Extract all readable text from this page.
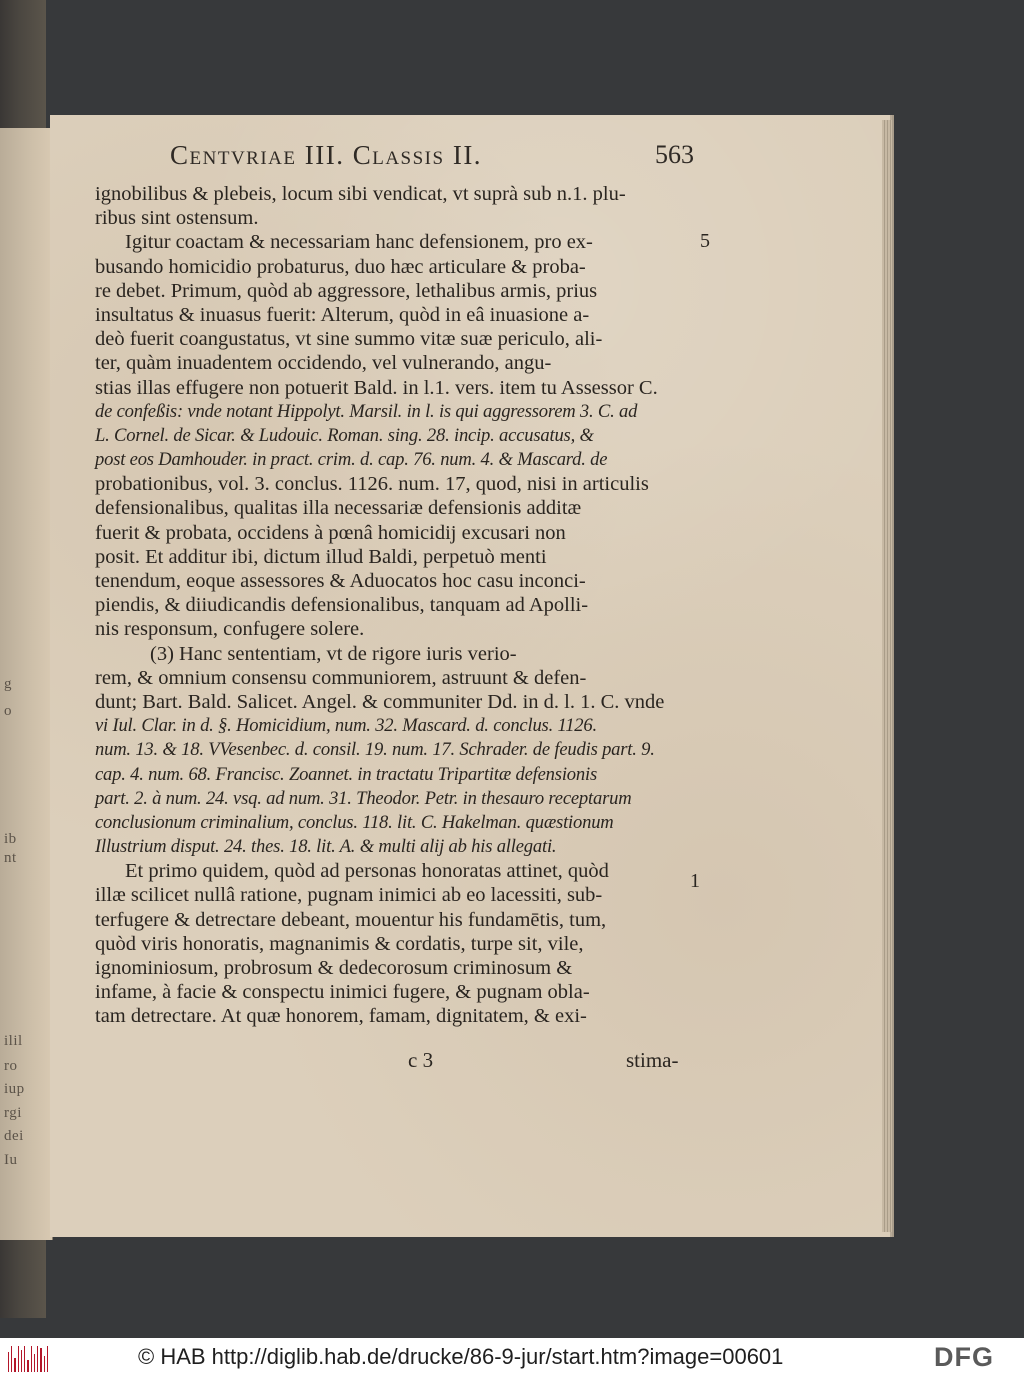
g
o
ib
nt
ilil
ro
iup
rgi
dei
Iu
Centvriae III. Classis II.	563
5
1
ignobilibus & plebeis, locum sibi vendicat, vt suprà sub n.1. plu-
ribus sint ostensum.
Igitur coactam & necessariam hanc defensionem, pro ex-
busando homicidio probaturus, duo hæc articulare & proba-
re debet. Primum, quòd ab aggressore, lethalibus armis, prius
insultatus & inuasus fuerit: Alterum, quòd in eâ inuasione a-
deò fuerit coangustatus, vt sine summo vitæ suæ periculo, ali-
ter, quàm inuadentem occidendo, vel vulnerando, angu-
stias illas effugere non potuerit Bald. in l.1. vers. item tu Assessor C.
de confeßis: vnde notant Hippolyt. Marsil. in l. is qui aggressorem 3. C. ad
L. Cornel. de Sicar. & Ludouic. Roman. sing. 28. incip. accusatus, &
post eos Damhouder. in pract. crim. d. cap. 76. num. 4. & Mascard. de
probationibus, vol. 3. conclus. 1126. num. 17, quod, nisi in articulis
defensionalibus, qualitas illa necessariæ defensionis additæ
fuerit & probata, occidens à pœnâ homicidij excusari non
posit. Et additur ibi, dictum illud Baldi, perpetuò menti
tenendum, eoque assessores & Aduocatos hoc casu inconci-
piendis, & diiudicandis defensionalibus, tanquam ad Apolli-
nis responsum, confugere solere.
(3) Hanc sententiam, vt de rigore iuris verio-
rem, & omnium consensu communiorem, astruunt & defen-
dunt; Bart. Bald. Salicet. Angel. & communiter Dd. in d. l. 1. C. vnde
vi Iul. Clar. in d. §. Homicidium, num. 32. Mascard. d. conclus. 1126.
num. 13. & 18. VVesenbec. d. consil. 19. num. 17. Schrader. de feudis part. 9.
cap. 4. num. 68. Francisc. Zoannet. in tractatu Tripartitæ defensionis
part. 2. à num. 24. vsq. ad num. 31. Theodor. Petr. in thesauro receptarum
conclusionum criminalium, conclus. 118. lit. C. Hakelman. quæstionum
Illustrium disput. 24. thes. 18. lit. A. & multi alij ab his allegati.
Et primo quidem, quòd ad personas honoratas attinet, quòd
illæ scilicet nullâ ratione, pugnam inimici ab eo lacessiti, sub-
terfugere & detrectare debeant, mouentur his fundamētis, tum,
quòd viris honoratis, magnanimis & cordatis, turpe sit, vile,
ignominiosum, probrosum & dedecorosum criminosum &
infame, à facie & conspectu inimici fugere, & pugnam obla-
tam detrectare. At quæ honorem, famam, dignitatem, & exi-
c 3	stima-
© HAB http://diglib.hab.de/drucke/86-9-jur/start.htm?image=00601	DFG
